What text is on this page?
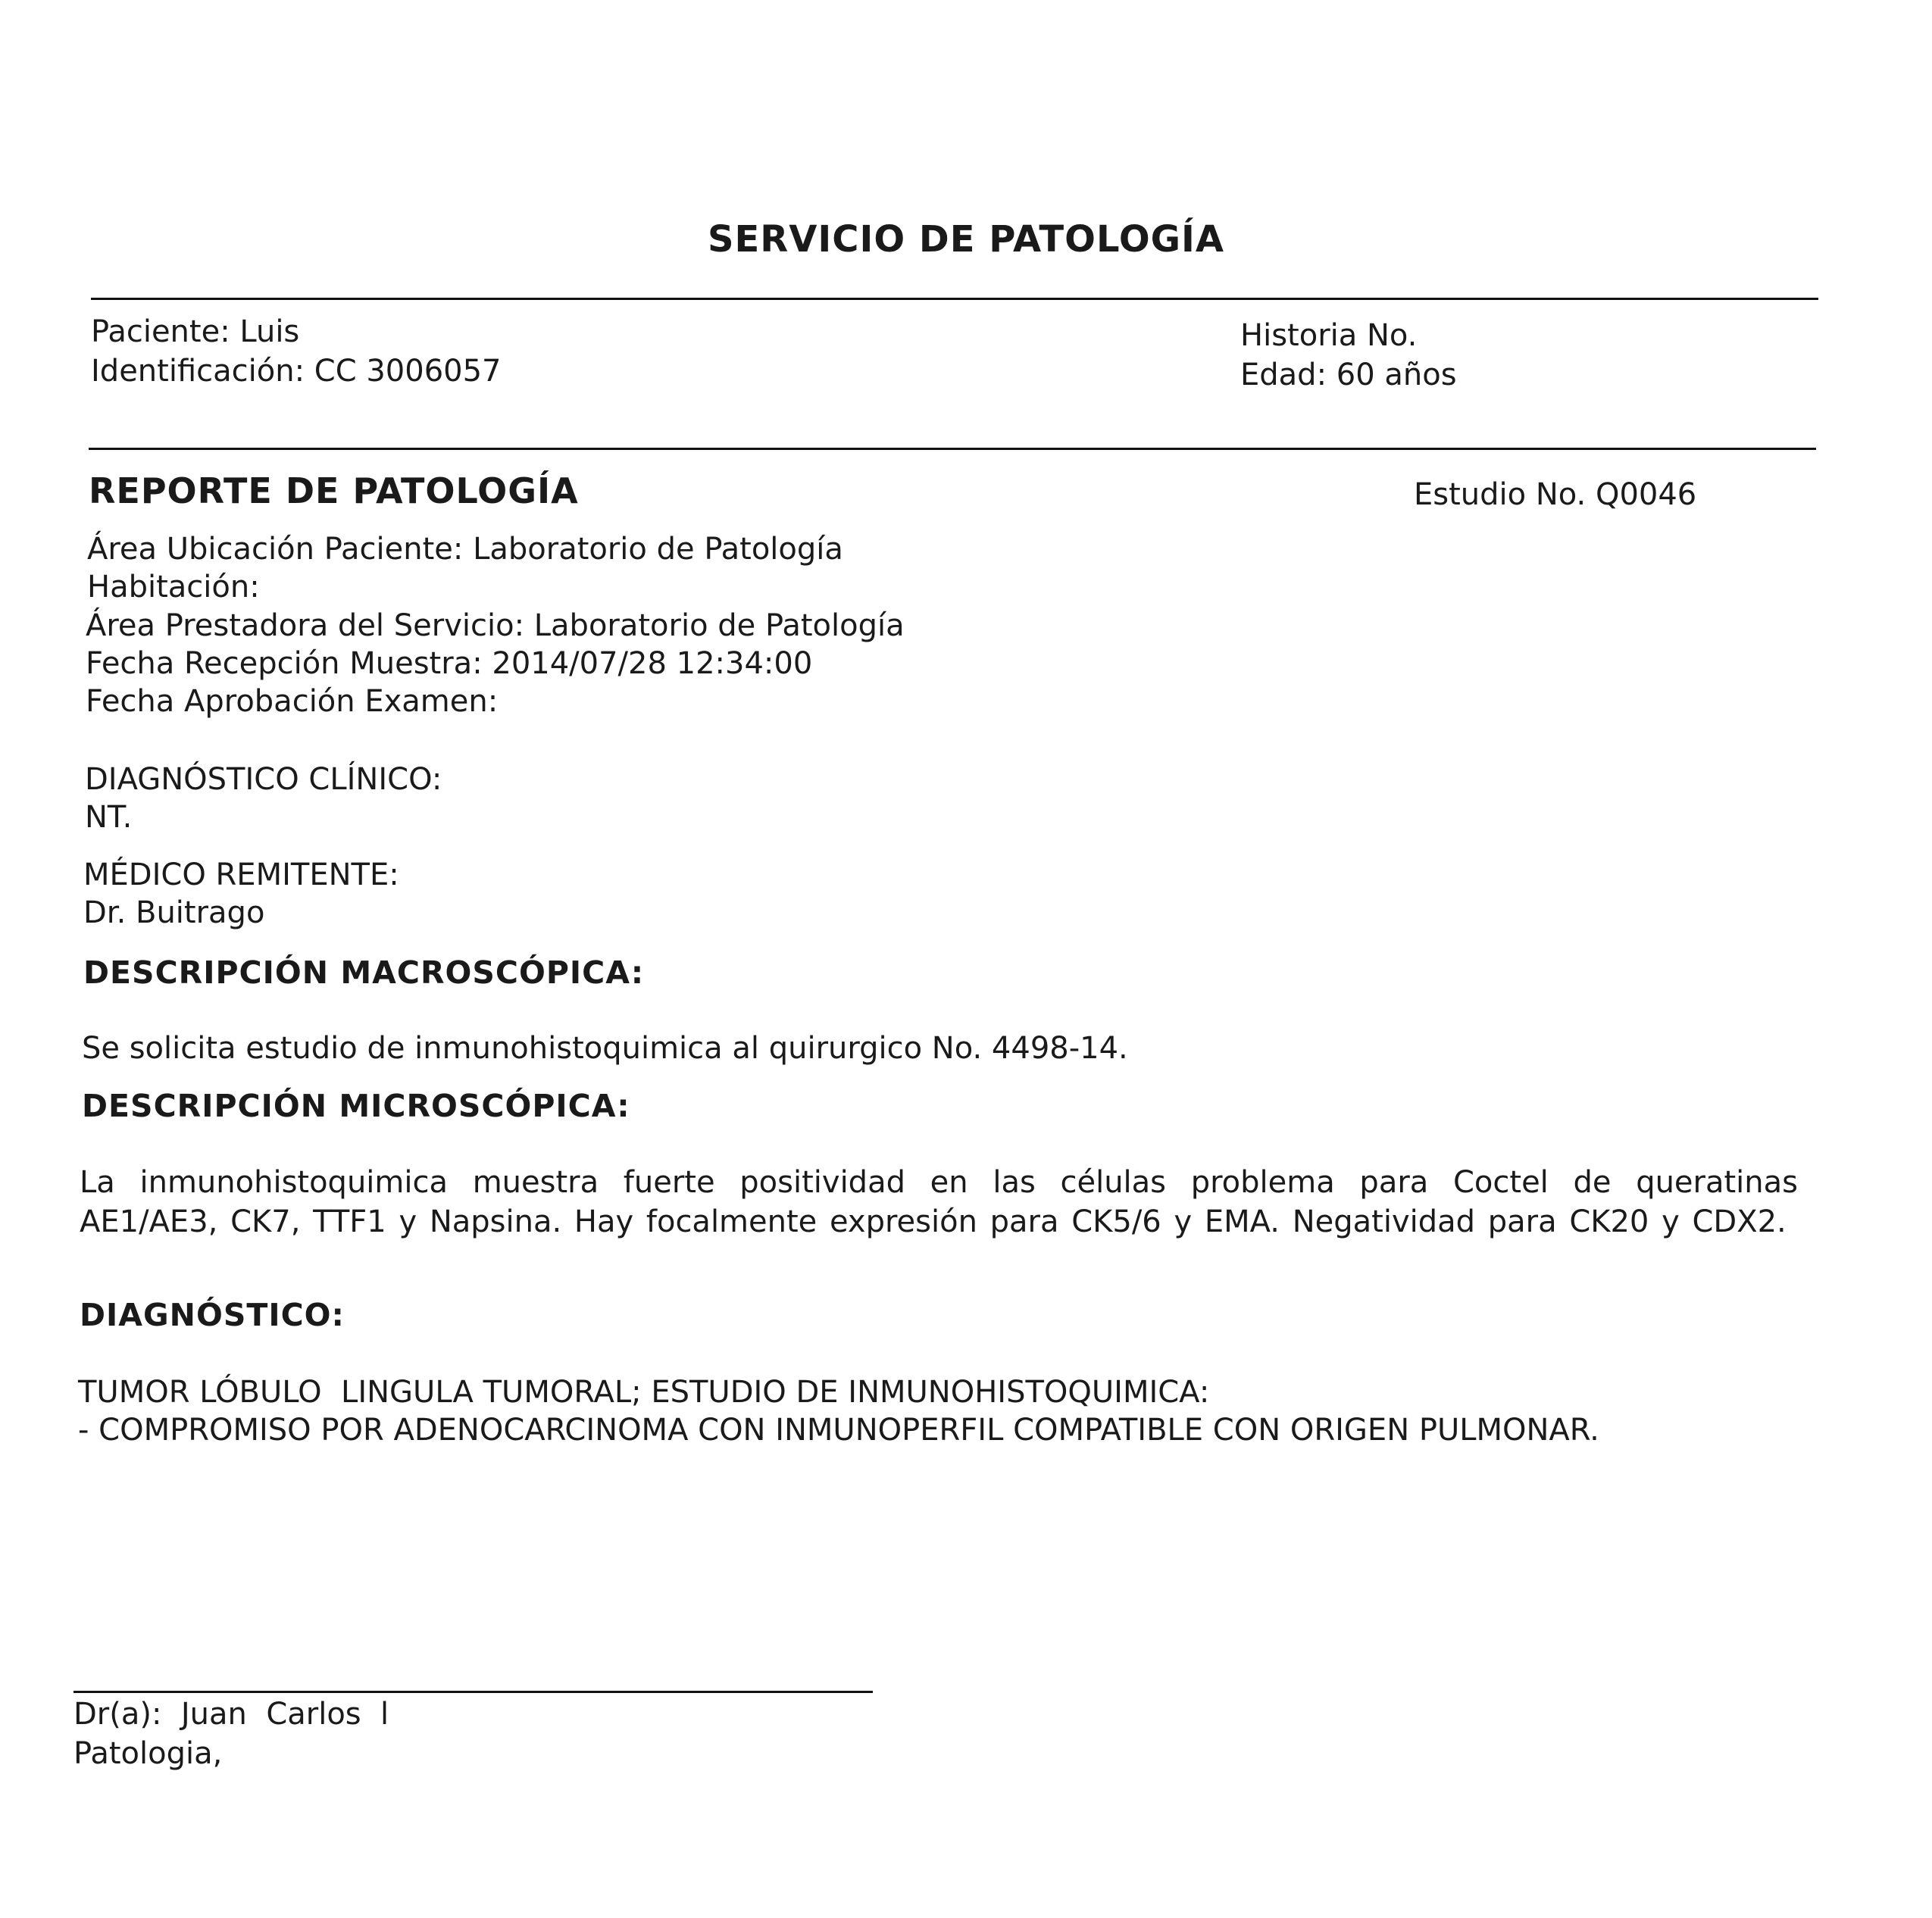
SERVICIO DE PATOLOGÍA
Paciente: Luis
Identificación: CC 3006057
Historia No.
Edad: 60 años
REPORTE DE PATOLOGÍA	Estudio No. Q0046
Área Ubicación Paciente: Laboratorio de Patología
Habitación:
Área Prestadora del Servicio: Laboratorio de Patología
Fecha Recepción Muestra: 2014/07/28 12:34:00
Fecha Aprobación Examen:
DIAGNÓSTICO CLÍNICO:
NT.
MÉDICO REMITENTE:
Dr. Buitrago
DESCRIPCIÓN MACROSCÓPICA:
Se solicita estudio de inmunohistoquimica al quirurgico No. 4498-14.
DESCRIPCIÓN MICROSCÓPICA:
La inmunohistoquimica muestra fuerte positividad en las células problema para Coctel de queratinas AE1/AE3, CK7, TTF1 y Napsina. Hay focalmente expresión para CK5/6 y EMA. Negatividad para CK20 y CDX2.
DIAGNÓSTICO:
TUMOR LÓBULO  LINGULA TUMORAL; ESTUDIO DE INMUNOHISTOQUIMICA:
- COMPROMISO POR ADENOCARCINOMA CON INMUNOPERFIL COMPATIBLE CON ORIGEN PULMONAR.
Dr(a):  Juan  Carlos  l
Patologia,
